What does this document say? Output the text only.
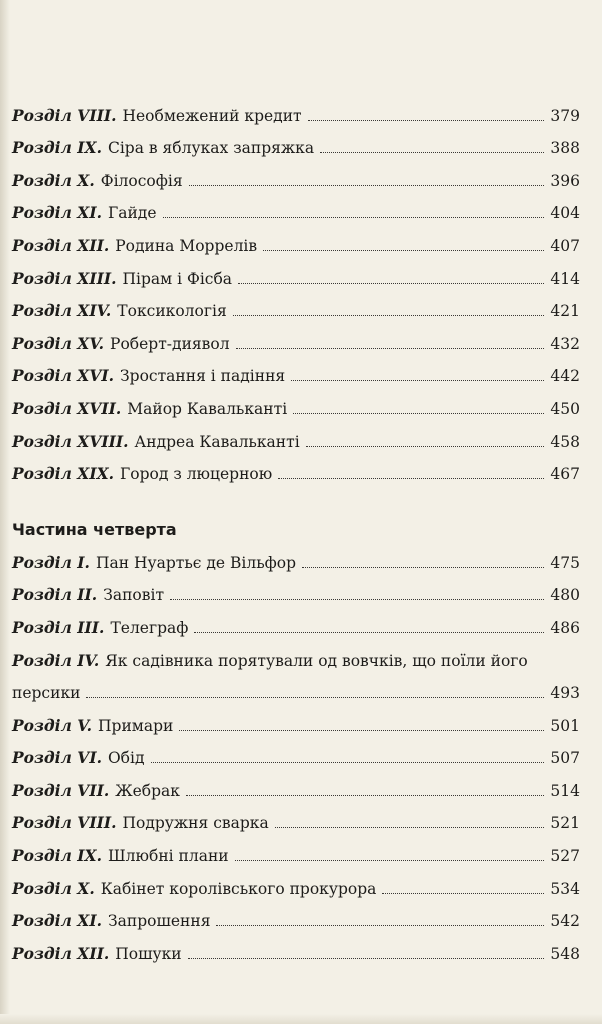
Розділ VIII. Необмежений кредит	379
Розділ IX. Сіра в яблуках запряжка	388
Розділ X. Філософія	396
Розділ XI. Гайде	404
Розділ XII. Родина Моррелів	407
Розділ XIII. Пірам і Фісба	414
Розділ XIV. Токсикологія	421
Розділ XV. Роберт-диявол	432
Розділ XVI. Зростання і падіння	442
Розділ XVII. Майор Кавальканті	450
Розділ XVIII. Андреа Кавальканті	458
Розділ XIX. Город з люцерною	467
Частина четверта
Розділ I. Пан Нуартьє де Вільфор	475
Розділ II. Заповіт	480
Розділ III. Телеграф	486
Розділ IV. Як садівника порятували од вовчків, що поїли його
персики	493
Розділ V. Примари	501
Розділ VI. Обід	507
Розділ VII. Жебрак	514
Розділ VIII. Подружня сварка	521
Розділ IX. Шлюбні плани	527
Розділ X. Кабінет королівського прокурора	534
Розділ XI. Запрошення	542
Розділ XII. Пошуки	548
